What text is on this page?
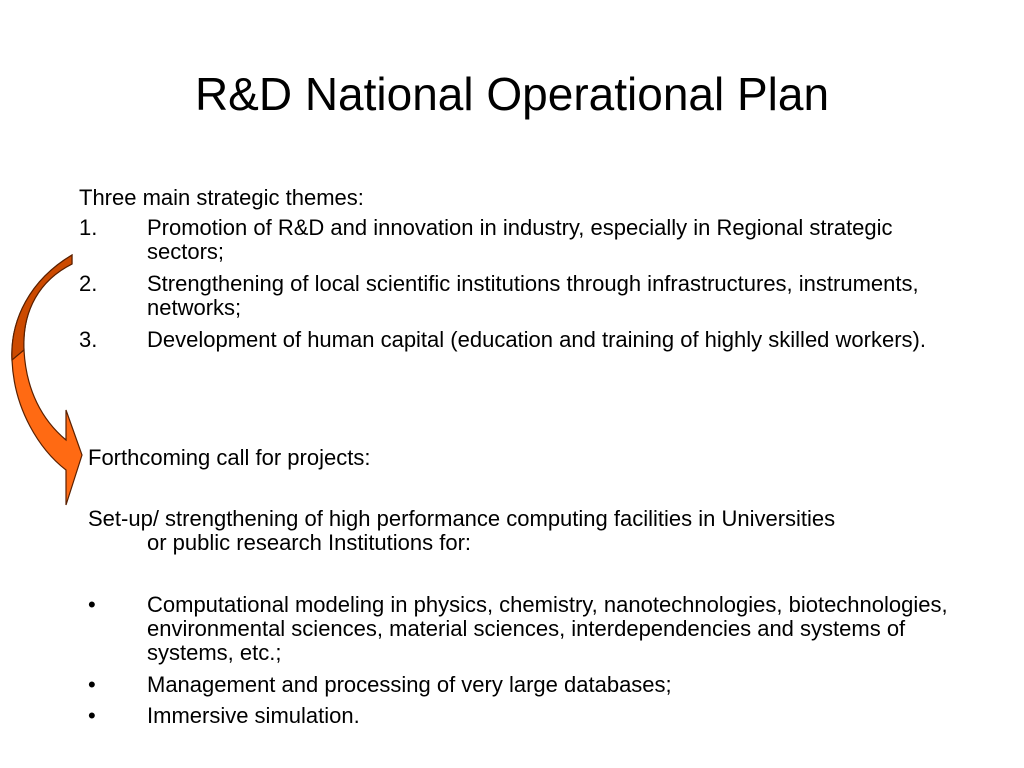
R&D National Operational Plan
Three main strategic themes:
1. Promotion of R&D and innovation in industry, especially in Regional strategic sectors;
2. Strengthening of local scientific institutions through infrastructures, instruments, networks;
3. Development of human capital (education and training of highly skilled workers).
Forthcoming call for projects:
Set-up/ strengthening of high performance computing facilities in Universities
or public research Institutions for:
• Computational modeling in physics, chemistry, nanotechnologies, biotechnologies, environmental sciences, material sciences, interdependencies and systems of systems, etc.;
• Management and processing of very large databases;
• Immersive simulation.
